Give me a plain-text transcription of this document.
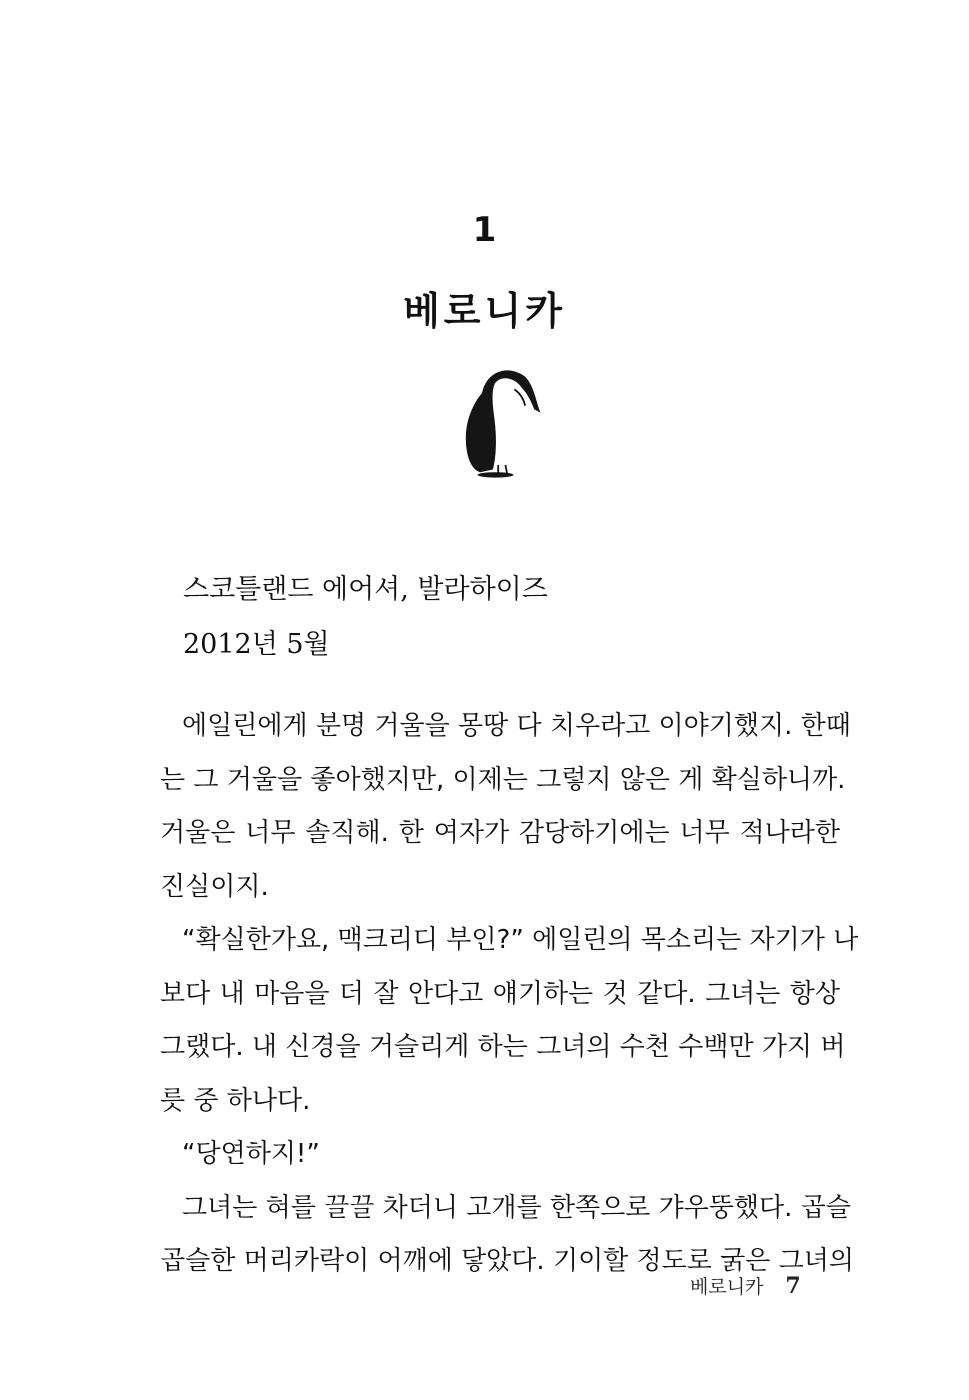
1
베로니카
스코틀랜드 에어셔, 발라하이즈
2012년 5월
에일린에게 분명 거울을 몽땅 다 치우라고 이야기했지. 한때
는 그 거울을 좋아했지만, 이제는 그렇지 않은 게 확실하니까.
거울은 너무 솔직해. 한 여자가 감당하기에는 너무 적나라한
진실이지.
“확실한가요, 맥크리디 부인?” 에일린의 목소리는 자기가 나
보다 내 마음을 더 잘 안다고 얘기하는 것 같다. 그녀는 항상
그랬다. 내 신경을 거슬리게 하는 그녀의 수천 수백만 가지 버
릇 중 하나다.
“당연하지!”
그녀는 혀를 끌끌 차더니 고개를 한쪽으로 갸우뚱했다. 곱슬
곱슬한 머리카락이 어깨에 닿았다. 기이할 정도로 굵은 그녀의
베로니카 7
